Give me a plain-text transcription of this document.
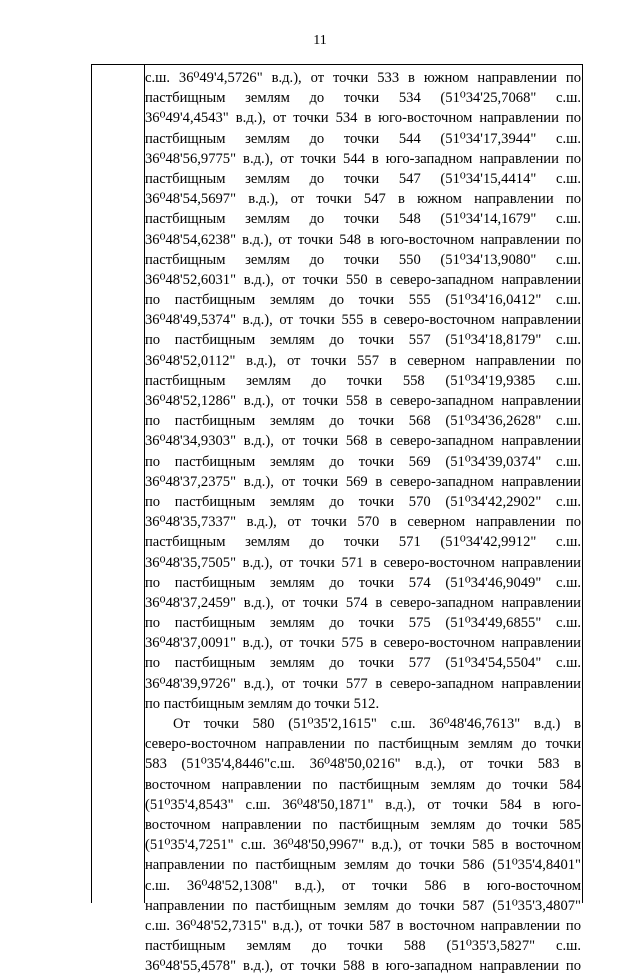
11
с.ш. 36⁰49'4,5726" в.д.), от точки 533 в южном направлении по
пастбищным землям до точки 534 (51⁰34'25,7068" с.ш.
36⁰49'4,4543" в.д.), от точки 534 в юго-восточном направлении по
пастбищным землям до точки 544 (51⁰34'17,3944" с.ш.
36⁰48'56,9775" в.д.), от точки 544 в юго-западном направлении по
пастбищным землям до точки 547 (51⁰34'15,4414" с.ш.
36⁰48'54,5697" в.д.), от точки 547 в южном направлении по
пастбищным землям до точки 548 (51⁰34'14,1679" с.ш.
36⁰48'54,6238" в.д.), от точки 548 в юго-восточном направлении по
пастбищным землям до точки 550 (51⁰34'13,9080" с.ш.
36⁰48'52,6031" в.д.), от точки 550 в северо-западном направлении
по пастбищным землям до точки 555 (51⁰34'16,0412" с.ш.
36⁰48'49,5374" в.д.), от точки 555 в северо-восточном направлении
по пастбищным землям до точки 557 (51⁰34'18,8179" с.ш.
36⁰48'52,0112" в.д.), от точки 557 в северном направлении по
пастбищным землям до точки 558 (51⁰34'19,9385 с.ш.
36⁰48'52,1286" в.д.), от точки 558 в северо-западном направлении
по пастбищным землям до точки 568 (51⁰34'36,2628" с.ш.
36⁰48'34,9303" в.д.), от точки 568 в северо-западном направлении
по пастбищным землям до точки 569 (51⁰34'39,0374" с.ш.
36⁰48'37,2375" в.д.), от точки 569 в северо-западном направлении
по пастбищным землям до точки 570 (51⁰34'42,2902" с.ш.
36⁰48'35,7337" в.д.), от точки 570 в северном направлении по
пастбищным землям до точки 571 (51⁰34'42,9912" с.ш.
36⁰48'35,7505" в.д.), от точки 571 в северо-восточном направлении
по пастбищным землям до точки 574 (51⁰34'46,9049" с.ш.
36⁰48'37,2459" в.д.), от точки 574 в северо-западном направлении
по пастбищным землям до точки 575 (51⁰34'49,6855" с.ш.
36⁰48'37,0091" в.д.), от точки 575 в северо-восточном направлении
по пастбищным землям до точки 577 (51⁰34'54,5504" с.ш.
36⁰48'39,9726" в.д.), от точки 577 в северо-западном направлении
по пастбищным землям до точки 512.
От точки 580 (51⁰35'2,1615" с.ш. 36⁰48'46,7613" в.д.) в
северо-восточном направлении по пастбищным землям до точки
583 (51⁰35'4,8446"с.ш. 36⁰48'50,0216" в.д.), от точки 583 в
восточном направлении по пастбищным землям до точки 584
(51⁰35'4,8543" с.ш. 36⁰48'50,1871" в.д.), от точки 584 в юго-
восточном направлении по пастбищным землям до точки 585
(51⁰35'4,7251" с.ш. 36⁰48'50,9967" в.д.), от точки 585 в восточном
направлении по пастбищным землям до точки 586 (51⁰35'4,8401"
с.ш. 36⁰48'52,1308" в.д.), от точки 586 в юго-восточном
направлении по пастбищным землям до точки 587 (51⁰35'3,4807"
с.ш. 36⁰48'52,7315" в.д.), от точки 587 в восточном направлении по
пастбищным землям до точки 588 (51⁰35'3,5827" с.ш.
36⁰48'55,4578" в.д.), от точки 588 в юго-западном направлении по
